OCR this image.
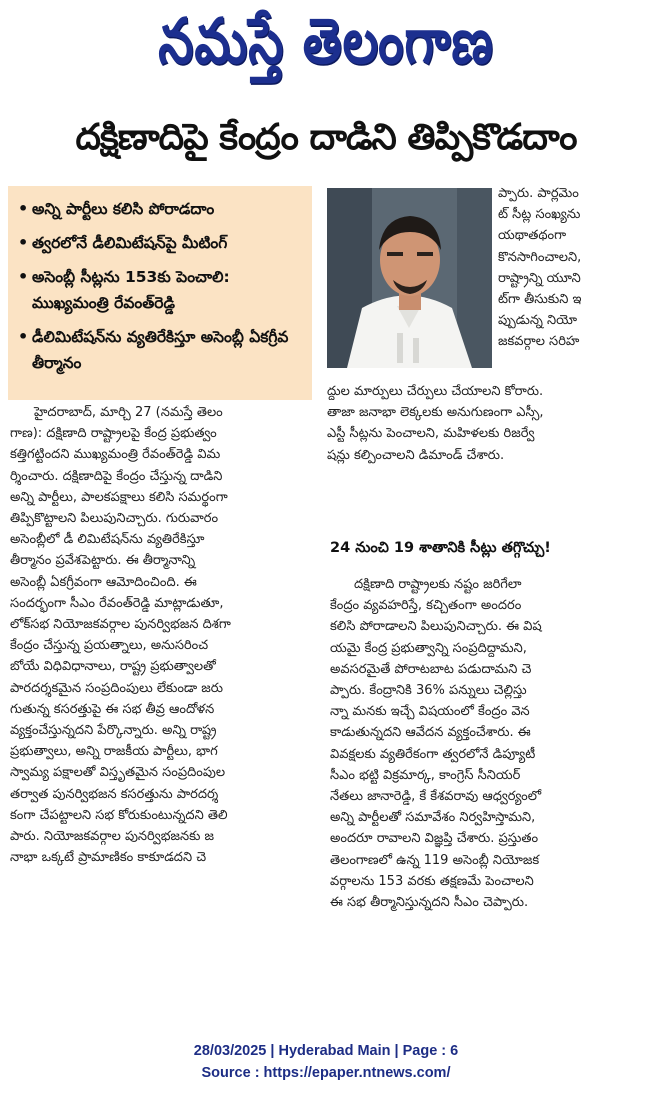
నమస్తే తెలంగాణ
దక్షిణాదిపై కేంద్రం దాడిని తిప్పికొడదాం
• అన్ని పార్టీలు కలిసి పోరాడదాం
• త్వరలోనే డీలిమిటేషన్‌పై మీటింగ్
• అసెంబ్లీ సీట్లను 153కు పెంచాలి: ముఖ్యమంత్రి రేవంత్‌రెడ్డి
• డీలిమిటేషన్‌ను వ్యతిరేకిస్తూ అసెంబ్లీ ఏకగ్రీవ తీర్మానం
ప్పారు. పార్లమెం
ట్ సీట్ల సంఖ్యను
యథాతథంగా
కొనసాగించాలని,
రాష్ట్రాన్ని యూని
ట్‌గా తీసుకుని ఇ
ప్పుడున్న నియో
జకవర్గాల సరిహ
ద్దుల మార్పులు చేర్పులు చేయాలని కోరారు.
తాజా జనాభా లెక్కలకు అనుగుణంగా ఎస్సీ,
ఎస్టీ సీట్లను పెంచాలని, మహిళలకు రిజర్వే
షన్లు కల్పించాలని డిమాండ్ చేశారు.
24 నుంచి 19 శాతానికి సీట్లు తగ్గొచ్చు!
దక్షిణాది రాష్ట్రాలకు నష్టం జరిగేలా
కేంద్రం వ్యవహరిస్తే, కచ్చితంగా అందరం
కలిసి పోరాడాలని పిలుపునిచ్చారు. ఈ విష
యమై కేంద్ర ప్రభుత్వాన్ని సంప్రదిద్దామని,
అవసరమైతే పోరాటబాట పడుదామని చె
ప్పారు. కేంద్రానికి 36% పన్నులు చెల్లిస్తు
న్నా మనకు ఇచ్చే విషయంలో కేంద్రం వెన
కాడుతున్నదని ఆవేదన వ్యక్తంచేశారు. ఈ
వివక్షలకు వ్యతిరేకంగా త్వరలోనే డిప్యూటీ
సీఎం భట్టి విక్రమార్క, కాంగ్రెస్ సీనియర్
నేతలు జానారెడ్డి, కే కేశవరావు ఆధ్వర్యంలో
అన్ని పార్టీలతో సమావేశం నిర్వహిస్తామని,
అందరూ రావాలని విజ్ఞప్తి చేశారు. ప్రస్తుతం
తెలంగాణలో ఉన్న 119 అసెంబ్లీ నియోజక
వర్గాలను 153 వరకు తక్షణమే పెంచాలని
ఈ సభ తీర్మానిస్తున్నదని సీఎం చెప్పారు.
హైదరాబాద్, మార్చి 27 (నమస్తే తెలం
గాణ): దక్షిణాది రాష్ట్రాలపై కేంద్ర ప్రభుత్వం
కత్తిగట్టిందని ముఖ్యమంత్రి రేవంత్‌రెడ్డి విమ
ర్శించారు. దక్షిణాదిపై కేంద్రం చేస్తున్న దాడిని
అన్ని పార్టీలు, పాలకపక్షాలు కలిసి సమర్థంగా
తిప్పికొట్టాలని పిలుపునిచ్చారు. గురువారం
అసెంబ్లీలో డీ లిమిటేషన్‌ను వ్యతిరేకిస్తూ
తీర్మానం ప్రవేశపెట్టారు. ఈ తీర్మానాన్ని
అసెంబ్లీ ఏకగ్రీవంగా ఆమోదించింది. ఈ
సందర్భంగా సీఎం రేవంత్‌రెడ్డి మాట్లాడుతూ,
లోక్‌సభ నియోజకవర్గాల పునర్విభజన దిశగా
కేంద్రం చేస్తున్న ప్రయత్నాలు, అనుసరించ
బోయే విధివిధానాలు, రాష్ట్ర ప్రభుత్వాలతో
పారదర్శకమైన సంప్రదింపులు లేకుండా జరు
గుతున్న కసరత్తుపై ఈ సభ తీవ్ర ఆందోళన
వ్యక్తంచేస్తున్నదని పేర్కొన్నారు. అన్ని రాష్ట్ర
ప్రభుత్వాలు, అన్ని రాజకీయ పార్టీలు, భాగ
స్వామ్య పక్షాలతో విస్తృతమైన సంప్రదింపుల
తర్వాత పునర్విభజన కసరత్తును పారదర్శ
కంగా చేపట్టాలని సభ కోరుకుంటున్నదని తెలి
పారు. నియోజకవర్గాల పునర్విభజనకు జ
నాభా ఒక్కటే ప్రామాణికం కాకూడదని చె
28/03/2025 | Hyderabad Main | Page : 6
Source : https://epaper.ntnews.com/
